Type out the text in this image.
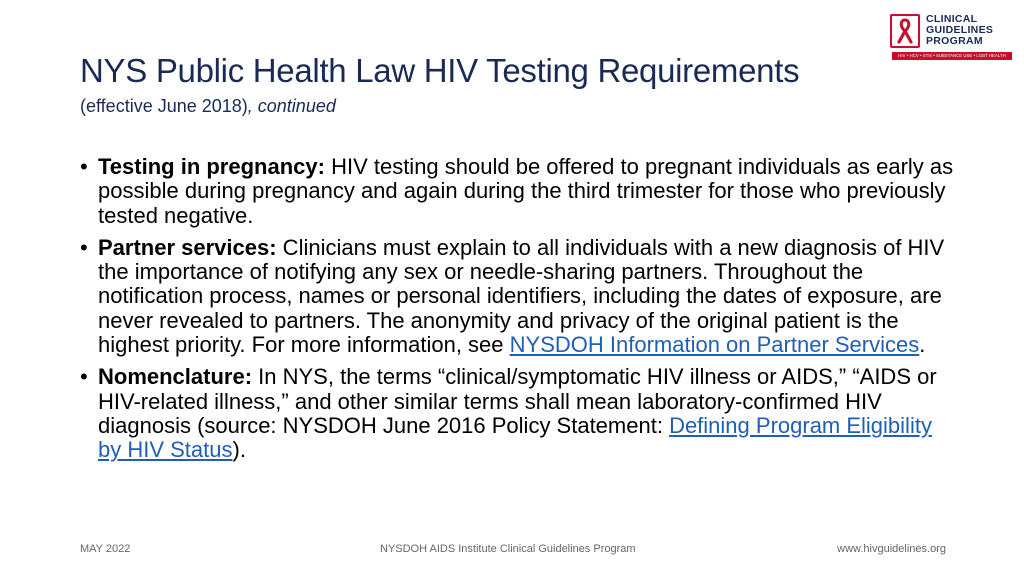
NYS Public Health Law HIV Testing Requirements
(effective June 2018), continued
CLINICAL
GUIDELINES
PROGRAM
HIV • HCV • STIs • SUBSTANCE USE • LGBT HEALTH
• Testing in pregnancy: HIV testing should be offered to pregnant individuals as early as possible during pregnancy and again during the third trimester for those who previously tested negative.
• Partner services: Clinicians must explain to all individuals with a new diagnosis of HIV the importance of notifying any sex or needle-sharing partners. Throughout the notification process, names or personal identifiers, including the dates of exposure, are never revealed to partners. The anonymity and privacy of the original patient is the highest priority. For more information, see NYSDOH Information on Partner Services.
• Nomenclature: In NYS, the terms “clinical/symptomatic HIV illness or AIDS,” “AIDS or HIV-related illness,” and other similar terms shall mean laboratory-confirmed HIV diagnosis (source: NYSDOH June 2016 Policy Statement: Defining Program Eligibility by HIV Status).
MAY 2022	NYSDOH AIDS Institute Clinical Guidelines Program	www.hivguidelines.org
